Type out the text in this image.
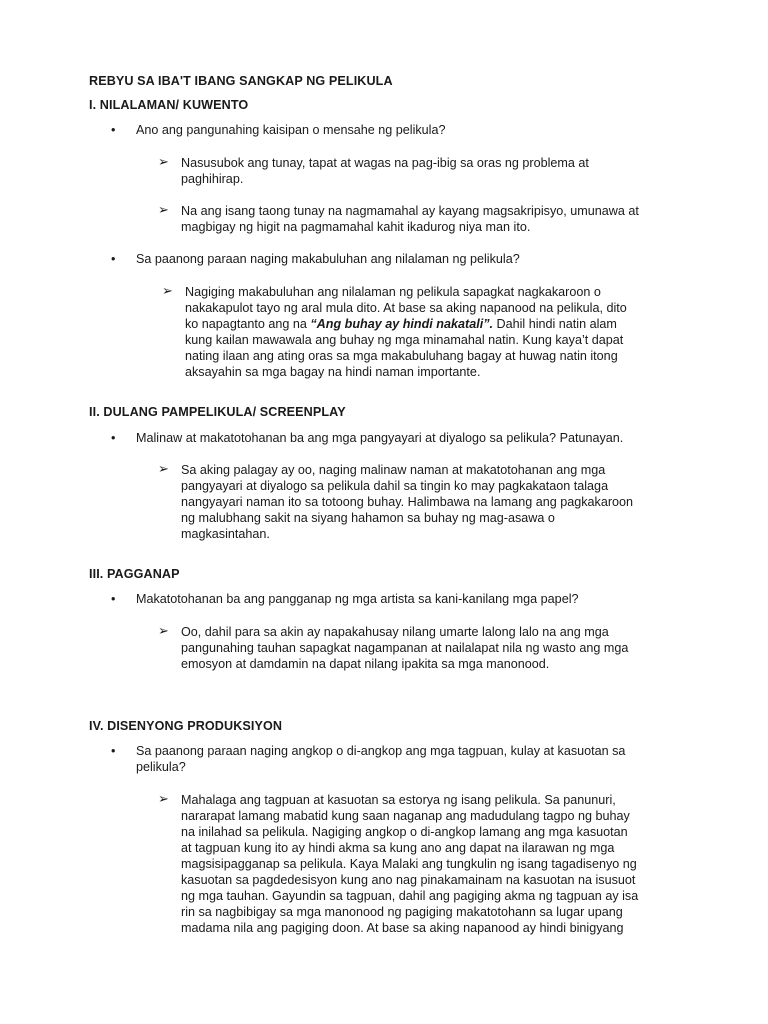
REBYU SA IBA'T IBANG SANGKAP NG PELIKULA
I. NILALAMAN/ KUWENTO
• Ano ang pangunahing kaisipan o mensahe ng pelikula?
➢ Nasusubok ang tunay, tapat at wagas na pag-ibig sa oras ng problema at
paghihirap.
➢ Na ang isang taong tunay na nagmamahal ay kayang magsakripisyo, umunawa at
magbigay ng higit na pagmamahal kahit ikadurog niya man ito.
• Sa paanong paraan naging makabuluhan ang nilalaman ng pelikula?
➢ Nagiging makabuluhan ang nilalaman ng pelikula sapagkat nagkakaroon o
nakakapulot tayo ng aral mula dito. At base sa aking napanood na pelikula, dito
ko napagtanto ang na “Ang buhay ay hindi nakatali”. Dahil hindi natin alam
kung kailan mawawala ang buhay ng mga minamahal natin. Kung kaya’t dapat
nating ilaan ang ating oras sa mga makabuluhang bagay at huwag natin itong
aksayahin sa mga bagay na hindi naman importante.
II. DULANG PAMPELIKULA/ SCREENPLAY
• Malinaw at makatotohanan ba ang mga pangyayari at diyalogo sa pelikula? Patunayan.
➢ Sa aking palagay ay oo, naging malinaw naman at makatotohanan ang mga
pangyayari at diyalogo sa pelikula dahil sa tingin ko may pagkakataon talaga
nangyayari naman ito sa totoong buhay. Halimbawa na lamang ang pagkakaroon
ng malubhang sakit na siyang hahamon sa buhay ng mag-asawa o
magkasintahan.
III. PAGGANAP
• Makatotohanan ba ang pangganap ng mga artista sa kani-kanilang mga papel?
➢ Oo, dahil para sa akin ay napakahusay nilang umarte lalong lalo na ang mga
pangunahing tauhan sapagkat nagampanan at nailalapat nila ng wasto ang mga
emosyon at damdamin na dapat nilang ipakita sa mga manonood.
IV. DISENYONG PRODUKSIYON
• Sa paanong paraan naging angkop o di-angkop ang mga tagpuan, kulay at kasuotan sa
pelikula?
➢ Mahalaga ang tagpuan at kasuotan sa estorya ng isang pelikula. Sa panunuri,
nararapat lamang mabatid kung saan naganap ang madudulang tagpo ng buhay
na inilahad sa pelikula. Nagiging angkop o di-angkop lamang ang mga kasuotan
at tagpuan kung ito ay hindi akma sa kung ano ang dapat na ilarawan ng mga
magsisipagganap sa pelikula. Kaya Malaki ang tungkulin ng isang tagadisenyo ng
kasuotan sa pagdedesisyon kung ano nag pinakamainam na kasuotan na isusuot
ng mga tauhan. Gayundin sa tagpuan, dahil ang pagiging akma ng tagpuan ay isa
rin sa nagbibigay sa mga manonood ng pagiging makatotohann sa lugar upang
madama nila ang pagiging doon. At base sa aking napanood ay hindi binigyang
